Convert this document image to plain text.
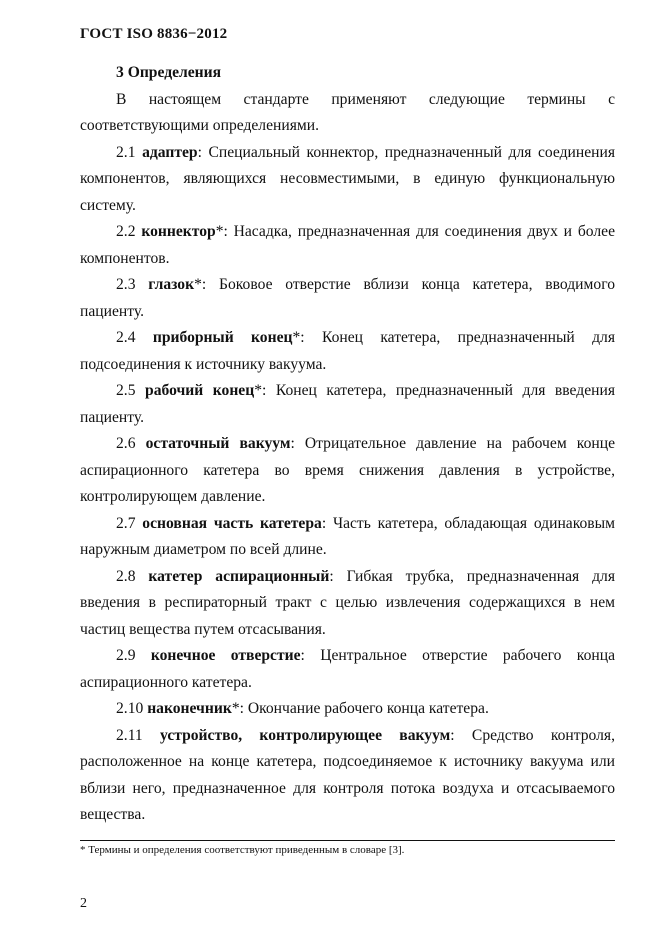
ГОСТ ISO 8836−2012

3 Определения

В настоящем стандарте применяют следующие термины с соответствующими определениями.

2.1 адаптер: Специальный коннектор, предназначенный для соединения компонентов, являющихся несовместимыми, в единую функциональную систему.

2.2 коннектор*: Насадка, предназначенная для соединения двух и более компонентов.

2.3 глазок*: Боковое отверстие вблизи конца катетера, вводимого пациенту.

2.4 приборный конец*: Конец катетера, предназначенный для подсоединения к источнику вакуума.

2.5 рабочий конец*: Конец катетера, предназначенный для введения пациенту.

2.6 остаточный вакуум: Отрицательное давление на рабочем конце аспирационного катетера во время снижения давления в устройстве, контролирующем давление.

2.7 основная часть катетера: Часть катетера, обладающая одинаковым наружным диаметром по всей длине.

2.8 катетер аспирационный: Гибкая трубка, предназначенная для введения в респираторный тракт с целью извлечения содержащихся в нем частиц вещества путем отсасывания.

2.9 конечное отверстие: Центральное отверстие рабочего конца аспирационного катетера.

2.10 наконечник*: Окончание рабочего конца катетера.

2.11 устройство, контролирующее вакуум: Средство контроля, расположенное на конце катетера, подсоединяемое к источнику вакуума или вблизи него, предназначенное для контроля потока воздуха и отсасываемого вещества.

* Термины и определения соответствуют приведенным в словаре [3].
2
